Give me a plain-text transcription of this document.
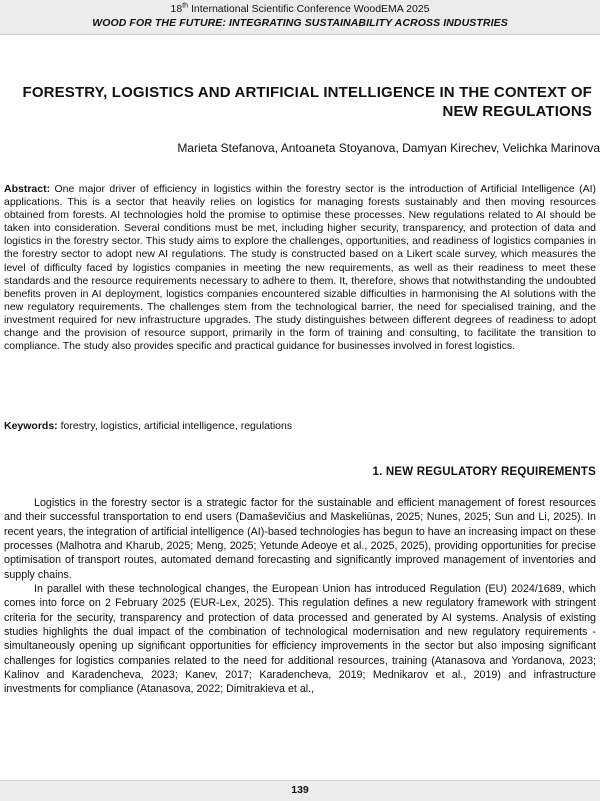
18th International Scientific Conference WoodEMA 2025
WOOD FOR THE FUTURE: INTEGRATING SUSTAINABILITY ACROSS INDUSTRIES
FORESTRY, LOGISTICS AND ARTIFICIAL INTELLIGENCE IN THE CONTEXT OF NEW REGULATIONS
Marieta Stefanova, Antoaneta Stoyanova, Damyan Kirechev, Velichka Marinova

Abstract: One major driver of efficiency in logistics within the forestry sector is the introduction of Artificial Intelligence (AI) applications. This is a sector that heavily relies on logistics for managing forests sustainably and then moving resources obtained from forests. AI technologies hold the promise to optimise these processes. New regulations related to AI should be taken into consideration. Several conditions must be met, including higher security, transparency, and protection of data and logistics in the forestry sector. This study aims to explore the challenges, opportunities, and readiness of logistics companies in the forestry sector to adopt new AI regulations. The study is constructed based on a Likert scale survey, which measures the level of difficulty faced by logistics companies in meeting the new requirements, as well as their readiness to meet these standards and the resource requirements necessary to adhere to them. It, therefore, shows that notwithstanding the undoubted benefits proven in AI deployment, logistics companies encountered sizable difficulties in harmonising the AI solutions with the new regulatory requirements. The challenges stem from the technological barrier, the need for specialised training, and the investment required for new infrastructure upgrades. The study distinguishes between different degrees of readiness to adopt change and the provision of resource support, primarily in the form of training and consulting, to facilitate the transition to compliance. The study also provides specific and practical guidance for businesses involved in forest logistics.

Keywords: forestry, logistics, artificial intelligence, regulations

1. NEW REGULATORY REQUIREMENTS

Logistics in the forestry sector is a strategic factor for the sustainable and efficient management of forest resources and their successful transportation to end users (Damaševičius and Maskeliūnas, 2025; Nunes, 2025; Sun and Li, 2025). In recent years, the integration of artificial intelligence (AI)-based technologies has begun to have an increasing impact on these processes (Malhotra and Kharub, 2025; Meng, 2025; Yetunde Adeoye et al., 2025, 2025), providing opportunities for precise optimisation of transport routes, automated demand forecasting and significantly improved management of inventories and supply chains.

In parallel with these technological changes, the European Union has introduced Regulation (EU) 2024/1689, which comes into force on 2 February 2025 (EUR-Lex, 2025). This regulation defines a new regulatory framework with stringent criteria for the security, transparency and protection of data processed and generated by AI systems. Analysis of existing studies highlights the dual impact of the combination of technological modernisation and new regulatory requirements - simultaneously opening up significant opportunities for efficiency improvements in the sector but also imposing significant challenges for logistics companies related to the need for additional resources, training (Atanasova and Yordanova, 2023; Kalinov and Karadencheva, 2023; Kanev, 2017; Karadencheva, 2019; Mednikarov et al., 2019) and infrastructure investments for compliance (Atanasova, 2022; Dimitrakieva et al.,

139
